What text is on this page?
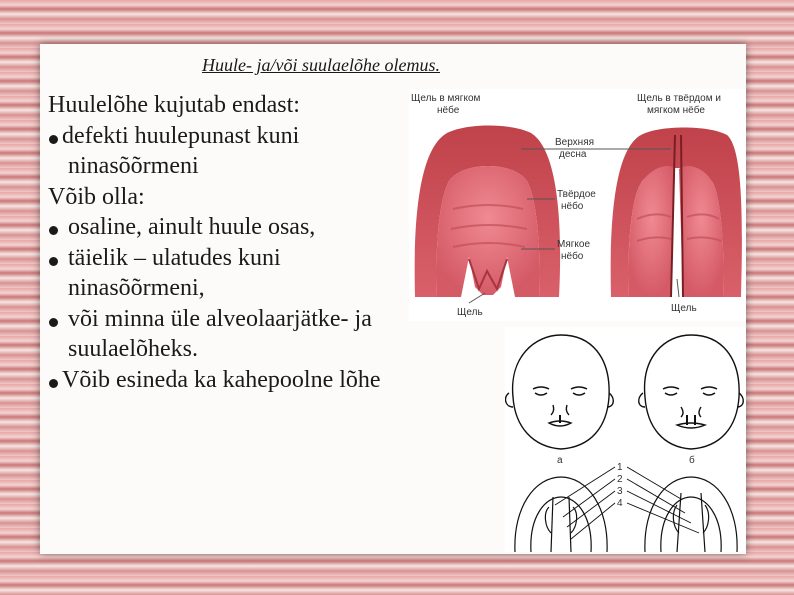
Huule- ja/või suulaelõhe olemus.
Huulelõhe kujutab endast:
defekti huulepunast kuni
ninasõõrmeni
Võib olla:
osaline, ainult huule osas,
täielik – ulatudes kuni
ninasõõrmeni,
või minna üle alveolaarjätke- ja
suulaelõheks.
Võib esineda ka kahepoolne lõhe
Щель в мягком
нёбе
Щель в твёрдом и
мягком нёбе
Верхняя
десна
Твёрдое
нёбо
Мягкое
нёбо
Щель	Щель
а	б
1
2
3
4
